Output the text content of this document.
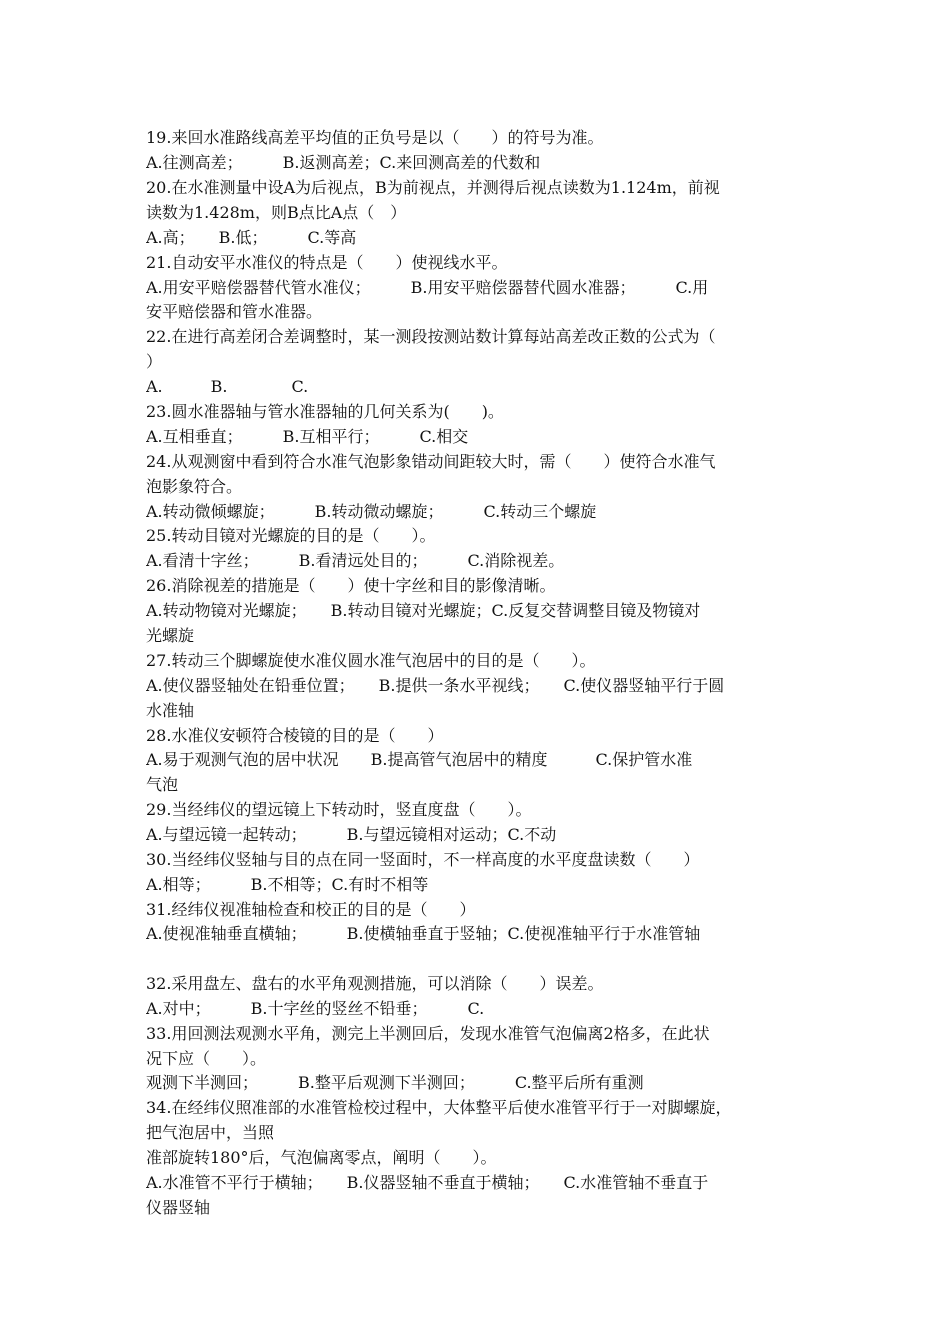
19.来回水准路线高差平均值的正负号是以（　　）的符号为准。
A.往测高差；　　　B.返测高差；C.来回测高差的代数和
20.在水准测量中设A为后视点，B为前视点，并测得后视点读数为1.124m，前视
读数为1.428m，则B点比A点（　）
A.高；　　B.低；　　　C.等高
21.自动安平水准仪的特点是（　　）使视线水平。
A.用安平赔偿器替代管水准仪；　　　B.用安平赔偿器替代圆水准器；　　　C.用
安平赔偿器和管水准器。
22.在进行高差闭合差调整时，某一测段按测站数计算每站高差改正数的公式为（
）
A.　　　B.　　　　C.
23.圆水准器轴与管水准器轴的几何关系为(　　)。
A.互相垂直；　　　B.互相平行；　　　C.相交
24.从观测窗中看到符合水准气泡影象错动间距较大时，需（　　）使符合水准气
泡影象符合。
A.转动微倾螺旋；　　　B.转动微动螺旋；　　　C.转动三个螺旋
25.转动目镜对光螺旋的目的是（　　）。
A.看清十字丝；　　　B.看清远处目的；　　　C.消除视差。
26.消除视差的措施是（　　）使十字丝和目的影像清晰。
A.转动物镜对光螺旋；　　B.转动目镜对光螺旋；C.反复交替调整目镜及物镜对
光螺旋
27.转动三个脚螺旋使水准仪圆水准气泡居中的目的是（　　）。
A.使仪器竖轴处在铅垂位置；　　B.提供一条水平视线；　　C.使仪器竖轴平行于圆
水准轴
28.水准仪安顿符合棱镜的目的是（　　）
A.易于观测气泡的居中状况　　B.提高管气泡居中的精度　　　C.保护管水准
气泡
29.当经纬仪的望远镜上下转动时，竖直度盘（　　）。
A.与望远镜一起转动；　　　B.与望远镜相对运动；C.不动
30.当经纬仪竖轴与目的点在同一竖面时，不一样高度的水平度盘读数（　　）
A.相等；　　　B.不相等；C.有时不相等
31.经纬仪视准轴检查和校正的目的是（　　）
A.使视准轴垂直横轴；　　　B.使横轴垂直于竖轴；C.使视准轴平行于水准管轴
32.采用盘左、盘右的水平角观测措施，可以消除（　　）误差。
A.对中；　　　B.十字丝的竖丝不铅垂；　　　C.
33.用回测法观测水平角，测完上半测回后，发现水准管气泡偏离2格多，在此状
况下应（　　）。
观测下半测回；　　　B.整平后观测下半测回；　　　C.整平后所有重测
34.在经纬仪照准部的水准管检校过程中，大体整平后使水准管平行于一对脚螺旋，
把气泡居中，当照
准部旋转180°后，气泡偏离零点，阐明（　　）。
A.水准管不平行于横轴；　　B.仪器竖轴不垂直于横轴；　　C.水准管轴不垂直于
仪器竖轴
